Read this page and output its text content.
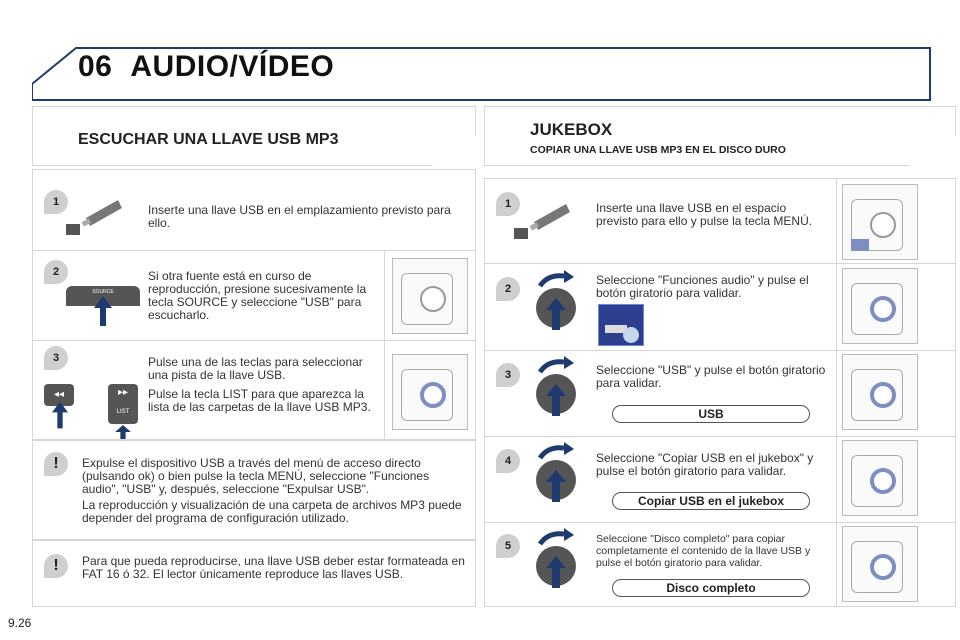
06 AUDIO/VÍDEO
ESCUCHAR UNA LLAVE USB MP3
1
Inserte una llave USB en el emplazamiento previsto para ello.
2
SOURCE
Si otra fuente está en curso de reproducción, presione sucesivamente la tecla SOURCE y seleccione "USB" para escucharlo.
3
◂◂	▸▸
LIST
Pulse una de las teclas para seleccionar una pista de la llave USB.
Pulse la tecla LIST para que aparezca la lista de las carpetas de la llave USB MP3.
!	Expulse el dispositivo USB a través del menú de acceso directo (pulsando ok) o bien pulse la tecla MENÚ, seleccione "Funciones audio", "USB" y, después, seleccione "Expulsar USB".
La reproducción y visualización de una carpeta de archivos MP3 puede depender del programa de configuración utilizado.
!	Para que pueda reproducirse, una llave USB deber estar formateada en FAT 16 ó 32. El lector únicamente reproduce las llaves USB.
JUKEBOX
COPIAR UNA LLAVE USB MP3 EN EL DISCO DURO
1	Inserte una llave USB en el espacio previsto para ello y pulse la tecla MENÚ.
2
Seleccione "Funciones audio" y pulse el botón giratorio para validar.
3	Seleccione "USB" y pulse el botón giratorio para validar.
USB
4	Seleccione "Copiar USB en el jukebox" y pulse el botón giratorio para validar.
Copiar USB en el jukebox
5
Seleccione "Disco completo" para copiar completamente el contenido de la llave USB y pulse el botón giratorio para validar.
Disco completo
9.26
